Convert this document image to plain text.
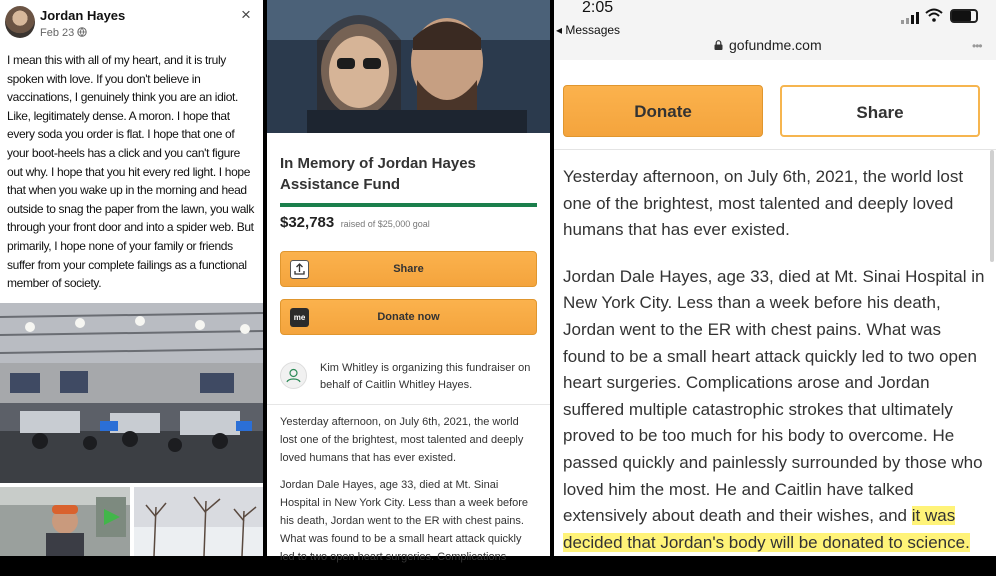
Jordan Hayes
Feb 23
×
I mean this with all of my heart, and it is truly spoken with love. If you don't believe in vaccinations, I genuinely think you are an idiot. Like, legitimately dense. A moron. I hope that every soda you order is flat. I hope that one of your boot-heels has a click and you can't figure out why. I hope that you hit every red light. I hope that when you wake up in the morning and head outside to snag the paper from the lawn, you walk through your front door and into a spider web. But primarily, I hope none of your family or friends suffer from your complete failings as a functional member of society.
In Memory of Jordan Hayes Assistance Fund
$32,783 raised of $25,000 goal
Share
me	Donate now
Kim Whitley is organizing this fundraiser on behalf of Caitlin Whitley Hayes.

Yesterday afternoon, on July 6th, 2021, the world lost one of the brightest, most talented and deeply loved humans that has ever existed.

Jordan Dale Hayes, age 33, died at Mt. Sinai Hospital in New York City. Less than a week before his death, Jordan went to the ER with chest pains. What was found to be a small heart attack quickly led to two open heart surgeries. Complications

2:05
◂ Messages
gofundme.com	•••
Donate	Share

Yesterday afternoon, on July 6th, 2021, the world lost one of the brightest, most talented and deeply loved humans that has ever existed.

Jordan Dale Hayes, age 33, died at Mt. Sinai Hospital in New York City. Less than a week before his death, Jordan went to the ER with chest pains. What was found to be a small heart attack quickly led to two open heart surgeries. Complications arose and Jordan suffered multiple catastrophic strokes that ultimately proved to be too much for his body to overcome. He passed quickly and painlessly surrounded by those who loved him the most. He and Caitlin have talked extensively about death and their wishes, and it was decided that Jordan's body will be donated to science.
